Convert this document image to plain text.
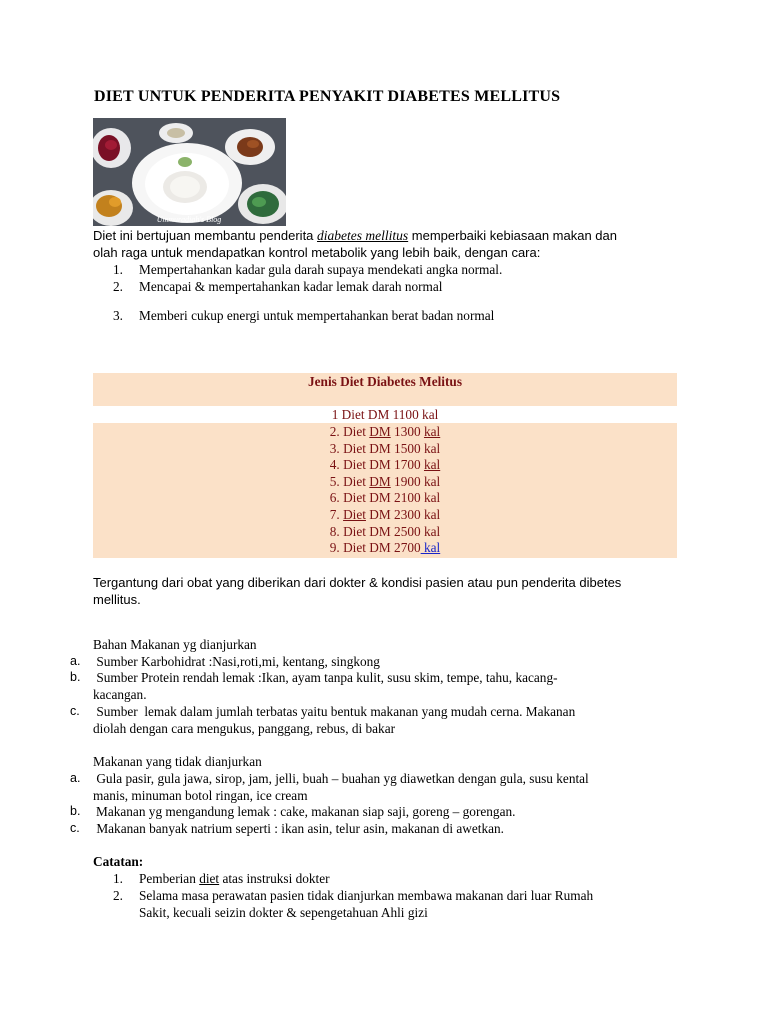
DIET UNTUK PENDERITA PENYAKIT DIABETES MELLITUS
Ummuradiah's Blog
Diet ini bertujuan membantu penderita diabetes mellitus memperbaiki kebiasaan makan dan
olah raga untuk mendapatkan kontrol metabolik yang lebih baik, dengan cara:
1. Mempertahankan kadar gula darah supaya mendekati angka normal.
2. Mencapai & mempertahankan kadar lemak darah normal
3. Memberi cukup energi untuk mempertahankan berat badan normal
Jenis Diet Diabetes Melitus
1 Diet DM 1100 kal
2. Diet DM 1300 kal
3. Diet DM 1500 kal
4. Diet DM 1700 kal
5. Diet DM 1900 kal
6. Diet DM 2100 kal
7. Diet DM 2300 kal
8. Diet DM 2500 kal
9. Diet DM 2700 kal
Tergantung dari obat yang diberikan dari dokter & kondisi pasien atau pun penderita dibetes
mellitus.
Bahan Makanan yg dianjurkan
a. Sumber Karbohidrat :Nasi,roti,mi, kentang, singkong
b. Sumber Protein rendah lemak :Ikan, ayam tanpa kulit, susu skim, tempe, tahu, kacang-
kacangan.
c. Sumber  lemak dalam jumlah terbatas yaitu bentuk makanan yang mudah cerna. Makanan
diolah dengan cara mengukus, panggang, rebus, di bakar
Makanan yang tidak dianjurkan
a. Gula pasir, gula jawa, sirop, jam, jelli, buah – buahan yg diawetkan dengan gula, susu kental
manis, minuman botol ringan, ice cream
b. Makanan yg mengandung lemak : cake, makanan siap saji, goreng – gorengan.
c. Makanan banyak natrium seperti : ikan asin, telur asin, makanan di awetkan.
Catatan:
1. Pemberian diet atas instruksi dokter
2. Selama masa perawatan pasien tidak dianjurkan membawa makanan dari luar Rumah
Sakit, kecuali seizin dokter & sepengetahuan Ahli gizi
